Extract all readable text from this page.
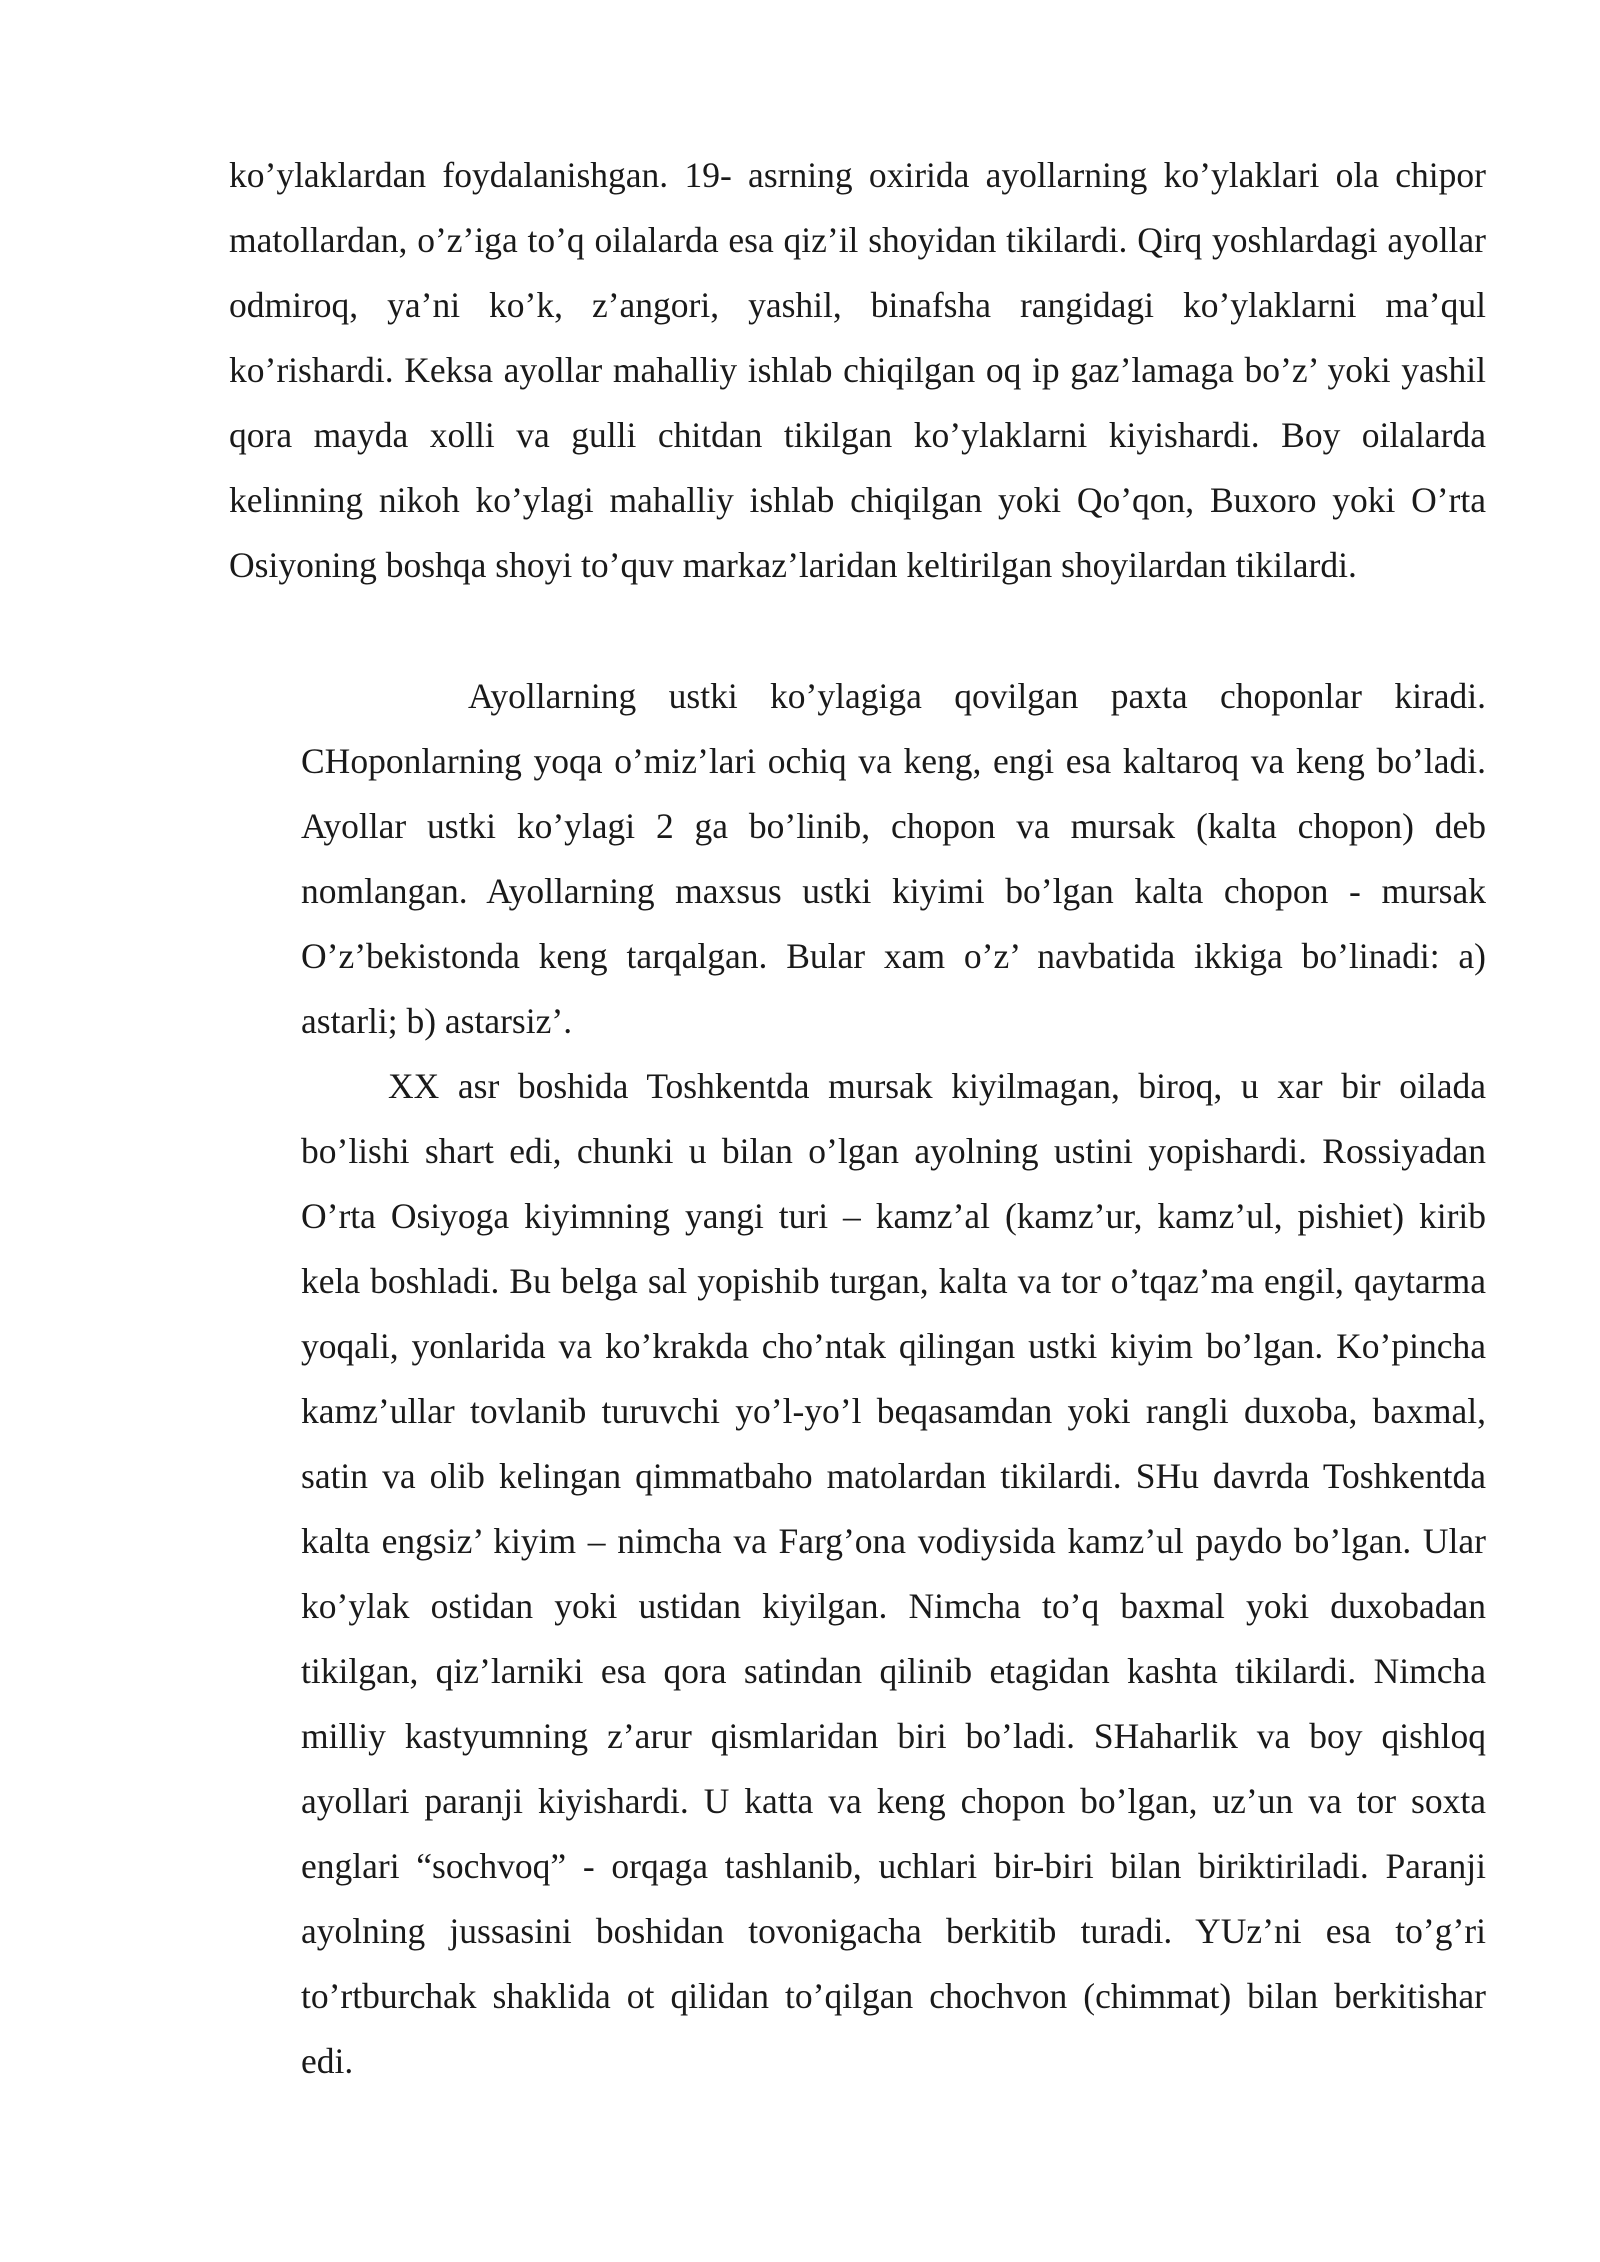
ko’ylaklardan foydalanishgan. 19- asrning oxirida ayollarning ko’ylaklari ola chipor matollardan, o’z’iga to’q oilalarda esa qiz’il shoyidan tikilardi. Qirq yoshlardagi ayollar odmiroq, ya’ni ko’k, z’angori, yashil, binafsha rangidagi ko’ylaklarni ma’qul ko’rishardi. Keksa ayollar mahalliy ishlab chiqilgan oq ip gaz’lamaga bo’z’ yoki yashil qora mayda xolli va gulli chitdan tikilgan ko’ylaklarni kiyishardi. Boy oilalarda kelinning nikoh ko’ylagi mahalliy ishlab chiqilgan yoki Qo’qon, Buxoro yoki O’rta Osiyoning boshqa shoyi to’quv markaz’laridan keltirilgan shoyilardan tikilardi.

Ayollarning ustki ko’ylagiga qovilgan paxta choponlar kiradi. CHoponlarning yoqa o’miz’lari ochiq va keng, engi esa kaltaroq va keng bo’ladi. Ayollar ustki ko’ylagi 2 ga bo’linib, chopon va mursak (kalta chopon) deb nomlangan. Ayollarning maxsus ustki kiyimi bo’lgan kalta chopon - mursak O’z’bekistonda keng tarqalgan. Bular xam o’z’ navbatida ikkiga bo’linadi: a) astarli; b) astarsiz’.

XX asr boshida Toshkentda mursak kiyilmagan, biroq, u xar bir oilada bo’lishi shart edi, chunki u bilan o’lgan ayolning ustini yopishardi. Rossiyadan O’rta Osiyoga kiyimning yangi turi – kamz’al (kamz’ur, kamz’ul, pishiet) kirib kela boshladi. Bu belga sal yopishib turgan, kalta va tor o’tqaz’ma engil, qaytarma yoqali, yonlarida va ko’krakda cho’ntak qilingan ustki kiyim bo’lgan. Ko’pincha kamz’ullar tovlanib turuvchi yo’l-yo’l beqasamdan yoki rangli duxoba, baxmal, satin va olib kelingan qimmatbaho matolardan tikilardi. SHu davrda Toshkentda kalta engsiz’ kiyim – nimcha va Farg’ona vodiysida kamz’ul paydo bo’lgan. Ular ko’ylak ostidan yoki ustidan kiyilgan. Nimcha to’q baxmal yoki duxobadan tikilgan, qiz’larniki esa qora satindan qilinib etagidan kashta tikilardi. Nimcha milliy kastyumning z’arur qismlaridan biri bo’ladi. SHaharlik va boy qishloq ayollari paranji kiyishardi. U katta va keng chopon bo’lgan, uz’un va tor soxta englari “sochvoq” - orqaga tashlanib, uchlari bir-biri bilan biriktiriladi. Paranji ayolning jussasini boshidan tovonigacha berkitib turadi. YUz’ni esa to’g’ri to’rtburchak shaklida ot qilidan to’qilgan chochvon (chimmat) bilan berkitishar edi.
